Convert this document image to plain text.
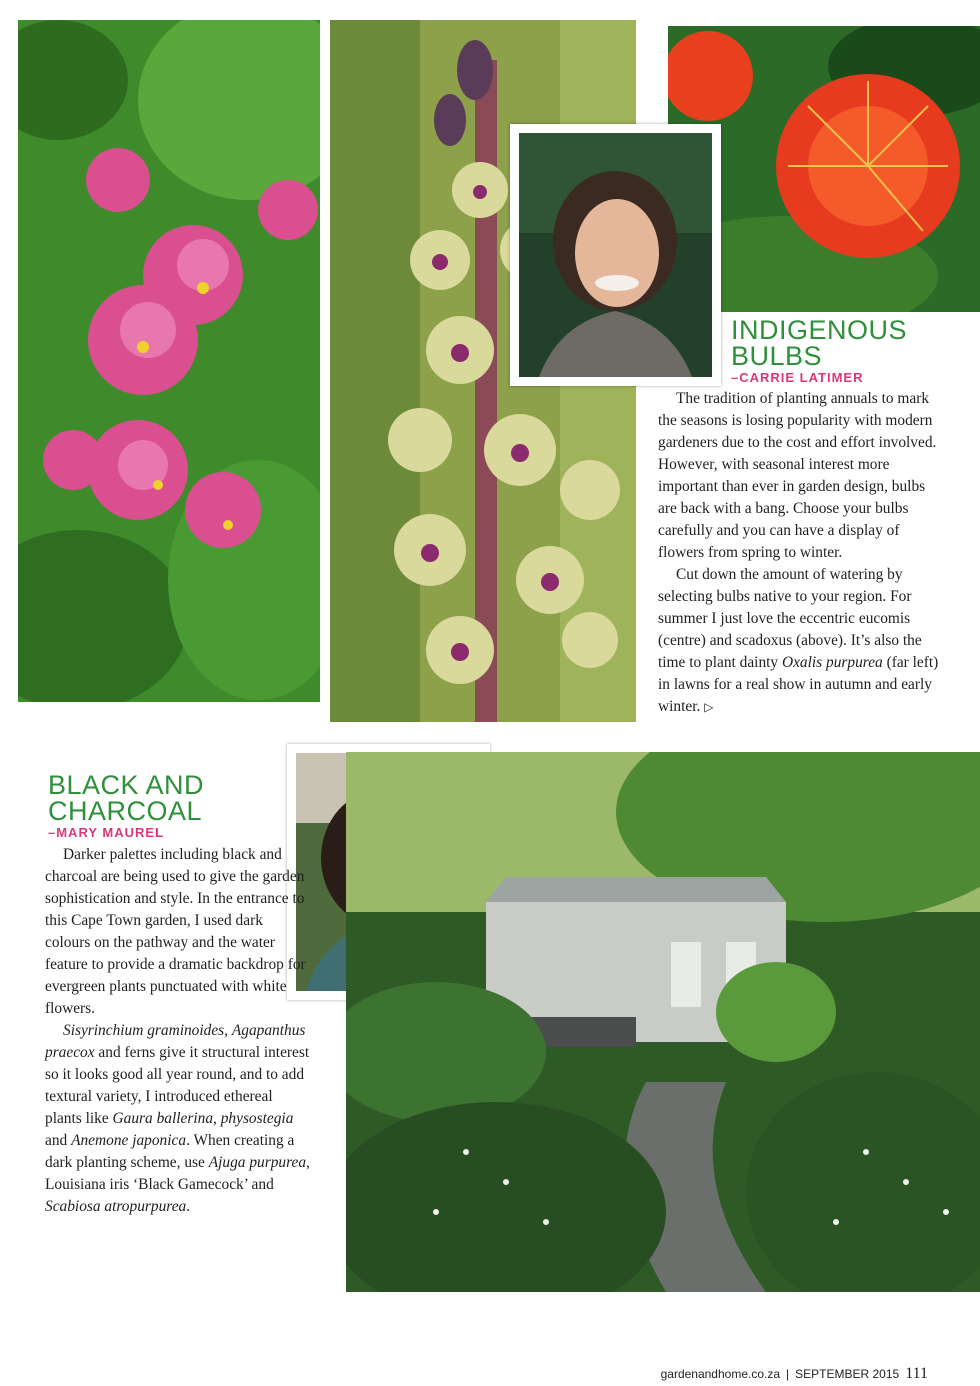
INDIGENOUS
BULBS
–CARRIE LATIMER

The tradition of planting annuals to mark the seasons is losing popularity with modern gardeners due to the cost and effort involved. However, with seasonal interest more important than ever in garden design, bulbs are back with a bang. Choose your bulbs carefully and you can have a display of flowers from spring to winter.

Cut down the amount of watering by selecting bulbs native to your region. For summer I just love the eccentric eucomis (centre) and scadoxus (above). It’s also the time to plant dainty Oxalis purpurea (far left) in lawns for a real show in autumn and early winter. ▷

BLACK AND
CHARCOAL
–MARY MAUREL

Darker palettes including black and charcoal are being used to give the garden sophistication and style. In the entrance to this Cape Town garden, I used dark colours on the pathway and the water feature to provide a dramatic backdrop for evergreen plants punctuated with white flowers.

Sisyrinchium graminoides, Agapanthus praecox and ferns give it structural interest so it looks good all year round, and to add textural variety, I introduced ethereal plants like Gaura ballerina, physostegia and Anemone japonica. When creating a dark planting scheme, use Ajuga purpurea, Louisiana iris ‘Black Gamecock’ and Scabiosa atropurpurea.

gardenandhome.co.za | SEPTEMBER 2015 111
